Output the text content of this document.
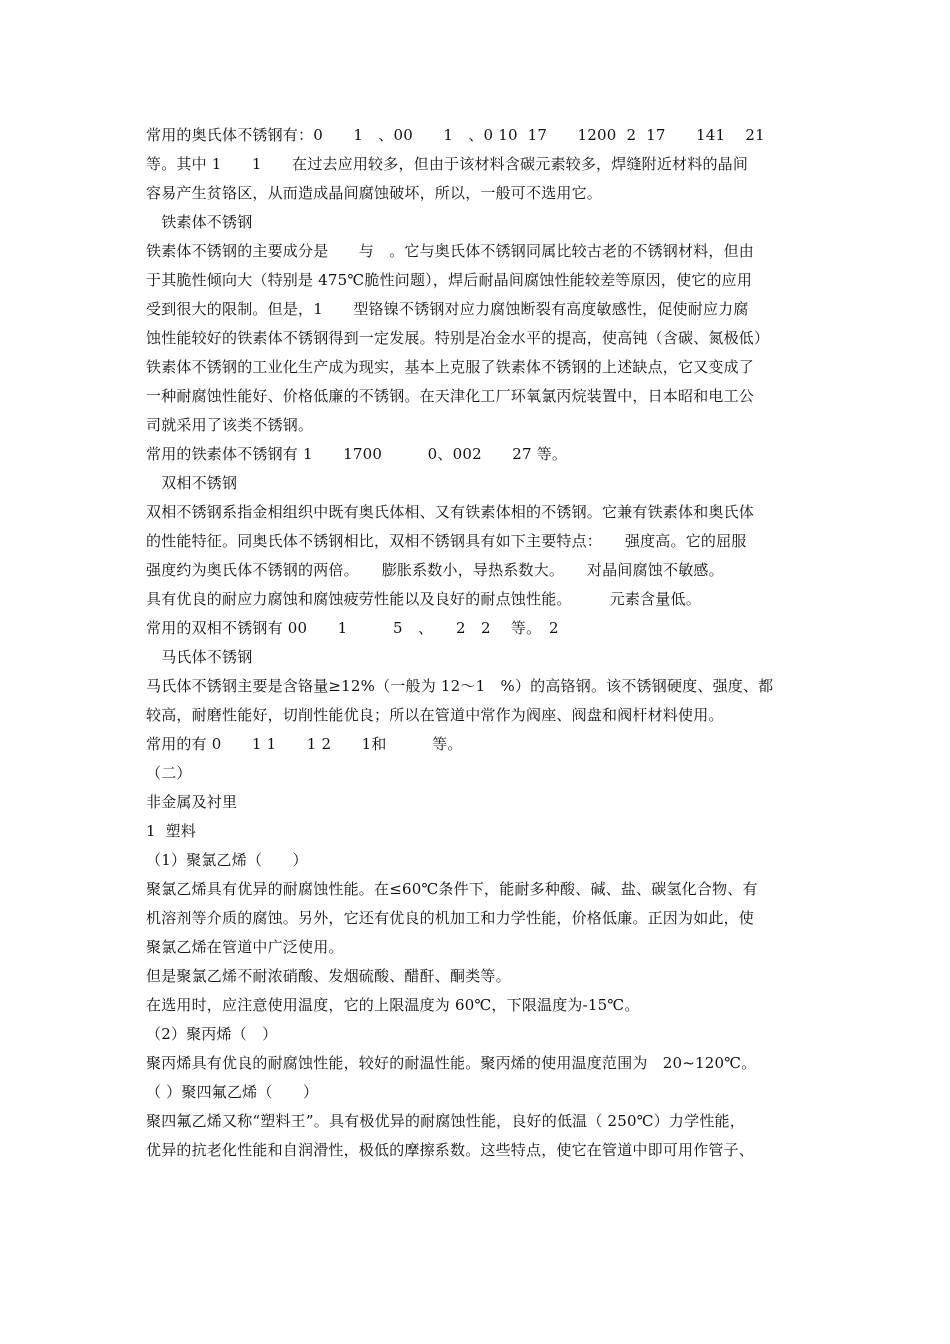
常用的奥氏体不锈钢有：0　　1　、00　　1　、0 10  17　　1200  2  17　　141　 21
等。其中 1　　1　　在过去应用较多，但由于该材料含碳元素较多，焊缝附近材料的晶间
容易产生贫铬区，从而造成晶间腐蚀破坏，所以，一般可不选用它。
　铁素体不锈钢
铁素体不锈钢的主要成分是　　与　。它与奥氏体不锈钢同属比较古老的不锈钢材料，但由
于其脆性倾向大（特别是 475℃脆性问题），焊后耐晶间腐蚀性能较差等原因，使它的应用
受到很大的限制。但是，1　　型铬镍不锈钢对应力腐蚀断裂有高度敏感性，促使耐应力腐
蚀性能较好的铁素体不锈钢得到一定发展。特别是冶金水平的提高，使高钝（含碳、氮极低）
铁素体不锈钢的工业化生产成为现实，基本上克服了铁素体不锈钢的上述缺点，它又变成了
一种耐腐蚀性能好、价格低廉的不锈钢。在天津化工厂环氧氯丙烷装置中，日本昭和电工公
司就采用了该类不锈钢。
常用的铁素体不锈钢有 1　　1700　　　0、002　　27 等。
　双相不锈钢
双相不锈钢系指金相组织中既有奥氏体相、又有铁素体相的不锈钢。它兼有铁素体和奥氏体
的性能特征。同奥氏体不锈钢相比，双相不锈钢具有如下主要特点：　　强度高。它的屈服
强度约为奥氏体不锈钢的两倍。　　膨胀系数小，导热系数大。　　对晶间腐蚀不敏感。
具有优良的耐应力腐蚀和腐蚀疲劳性能以及良好的耐点蚀性能。　　　元素含量低。
常用的双相不锈钢有 00　　1　　　5　、　　2　2　 等。　2
　马氏体不锈钢
马氏体不锈钢主要是含铬量≥12%（一般为 12～1　%）的高铬钢。该不锈钢硬度、强度、都
较高，耐磨性能好，切削性能优良；所以在管道中常作为阀座、阀盘和阀杆材料使用。
常用的有 0　　1 1　　1 2　　1和　　　等。
（二）
非金属及衬里
1  塑料
（1）聚氯乙烯（　　）
聚氯乙烯具有优异的耐腐蚀性能。在≤60℃条件下，能耐多种酸、碱、盐、碳氢化合物、有
机溶剂等介质的腐蚀。另外，它还有优良的机加工和力学性能，价格低廉。正因为如此，使
聚氯乙烯在管道中广泛使用。
但是聚氯乙烯不耐浓硝酸、发烟硫酸、醋酐、酮类等。
在选用时，应注意使用温度，它的上限温度为 60℃，下限温度为-15℃。
（2）聚丙烯（　）
聚丙烯具有优良的耐腐蚀性能，较好的耐温性能。聚丙烯的使用温度范围为　20~120℃。
（ ）聚四氟乙烯（　　）
聚四氟乙烯又称“塑料王”。具有极优异的耐腐蚀性能，良好的低温（ 250℃）力学性能，
优异的抗老化性能和自润滑性，极低的摩擦系数。这些特点，使它在管道中即可用作管子、
